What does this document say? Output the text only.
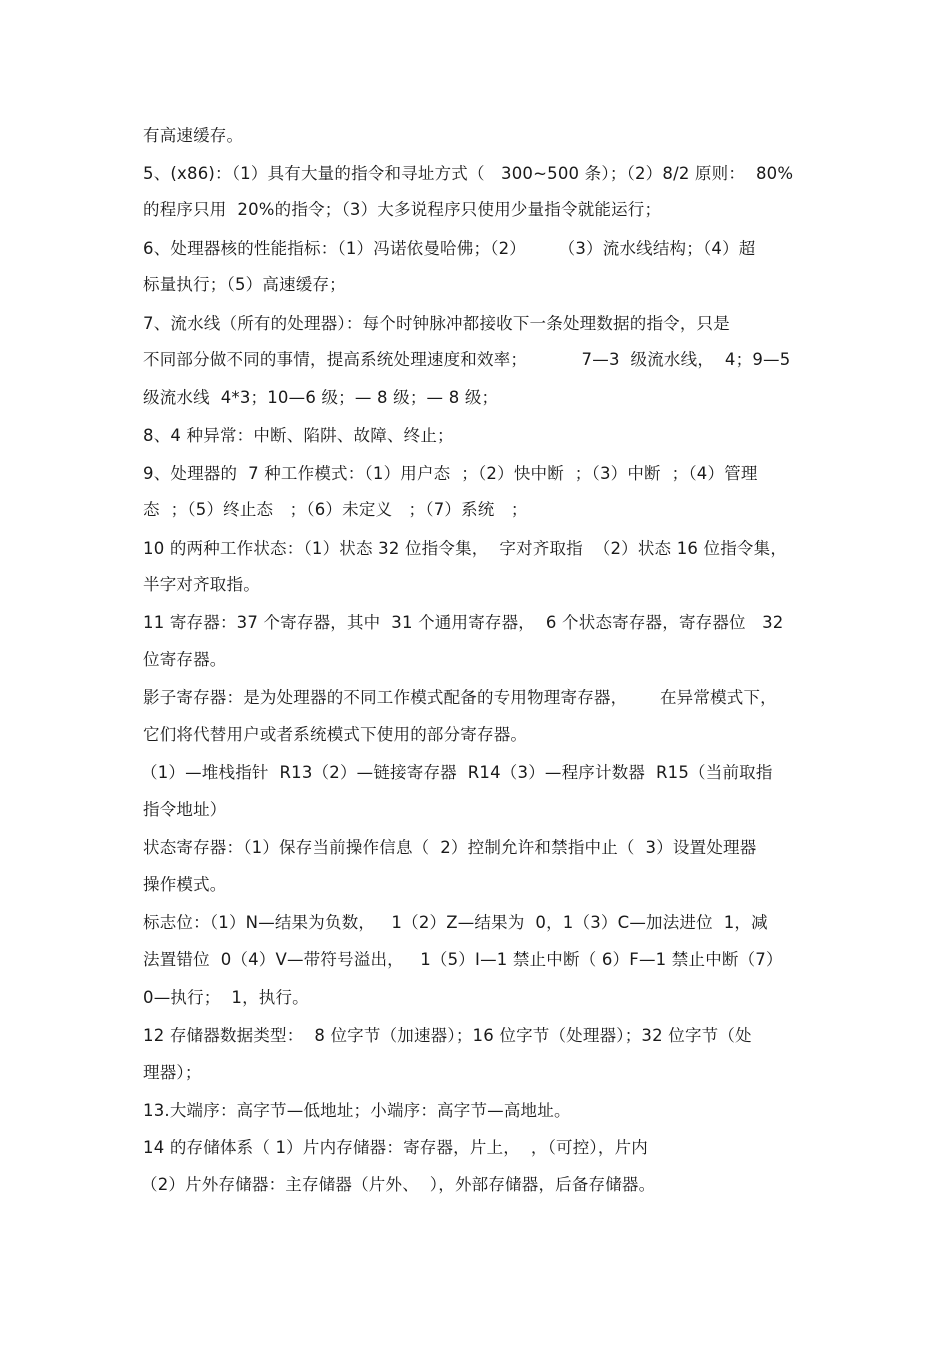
有高速缓存。
5、(x86)：（1）具有大量的指令和寻址方式（   300~500 条）；（2）8/2 原则：  80%
的程序只用  20%的指令；（3）大多说程序只使用少量指令就能运行；
6、处理器核的性能指标：（1）冯诺依曼哈佛；（2）      （3）流水线结构；（4）超
标量执行；（5）高速缓存；
7、流水线（所有的处理器）：每个时钟脉冲都接收下一条处理数据的指令，只是
不同部分做不同的事情，提高系统处理速度和效率；          7—3  级流水线，  4；9—5
级流水线  4*3；10—6 级；— 8 级；— 8 级；
8、4 种异常：中断、陷阱、故障、终止；
9、处理器的  7 种工作模式：（1）用户态  ；（2）快中断  ；（3）中断  ；（4）管理
态  ；（5）终止态   ；（6）未定义   ；（7）系统   ；
10 的两种工作状态：（1）状态 32 位指令集，  字对齐取指  （2）状态 16 位指令集，
半字对齐取指。
11 寄存器：37 个寄存器，其中  31 个通用寄存器，  6 个状态寄存器，寄存器位   32
位寄存器。
影子寄存器：是为处理器的不同工作模式配备的专用物理寄存器，      在异常模式下，
它们将代替用户或者系统模式下使用的部分寄存器。
（1）—堆栈指针  R13（2）—链接寄存器  R14（3）—程序计数器  R15（当前取指
指令地址）
状态寄存器：（1）保存当前操作信息（  2）控制允许和禁指中止（  3）设置处理器
操作模式。
标志位：（1）N—结果为负数，   1（2）Z—结果为  0，1（3）C—加法进位  1，减
法置错位  0（4）V—带符号溢出，   1（5）I—1 禁止中断（ 6）F—1 禁止中断（7）
0—执行；  1，执行。
12 存储器数据类型：  8 位字节（加速器）；16 位字节（处理器）；32 位字节（处
理器）；
13.大端序：高字节—低地址；小端序：高字节—高地址。
14 的存储体系（ 1）片内存储器：寄存器，片上，  ，（可控），片内
（2）片外存储器：主存储器（片外、  ），外部存储器，后备存储器。
